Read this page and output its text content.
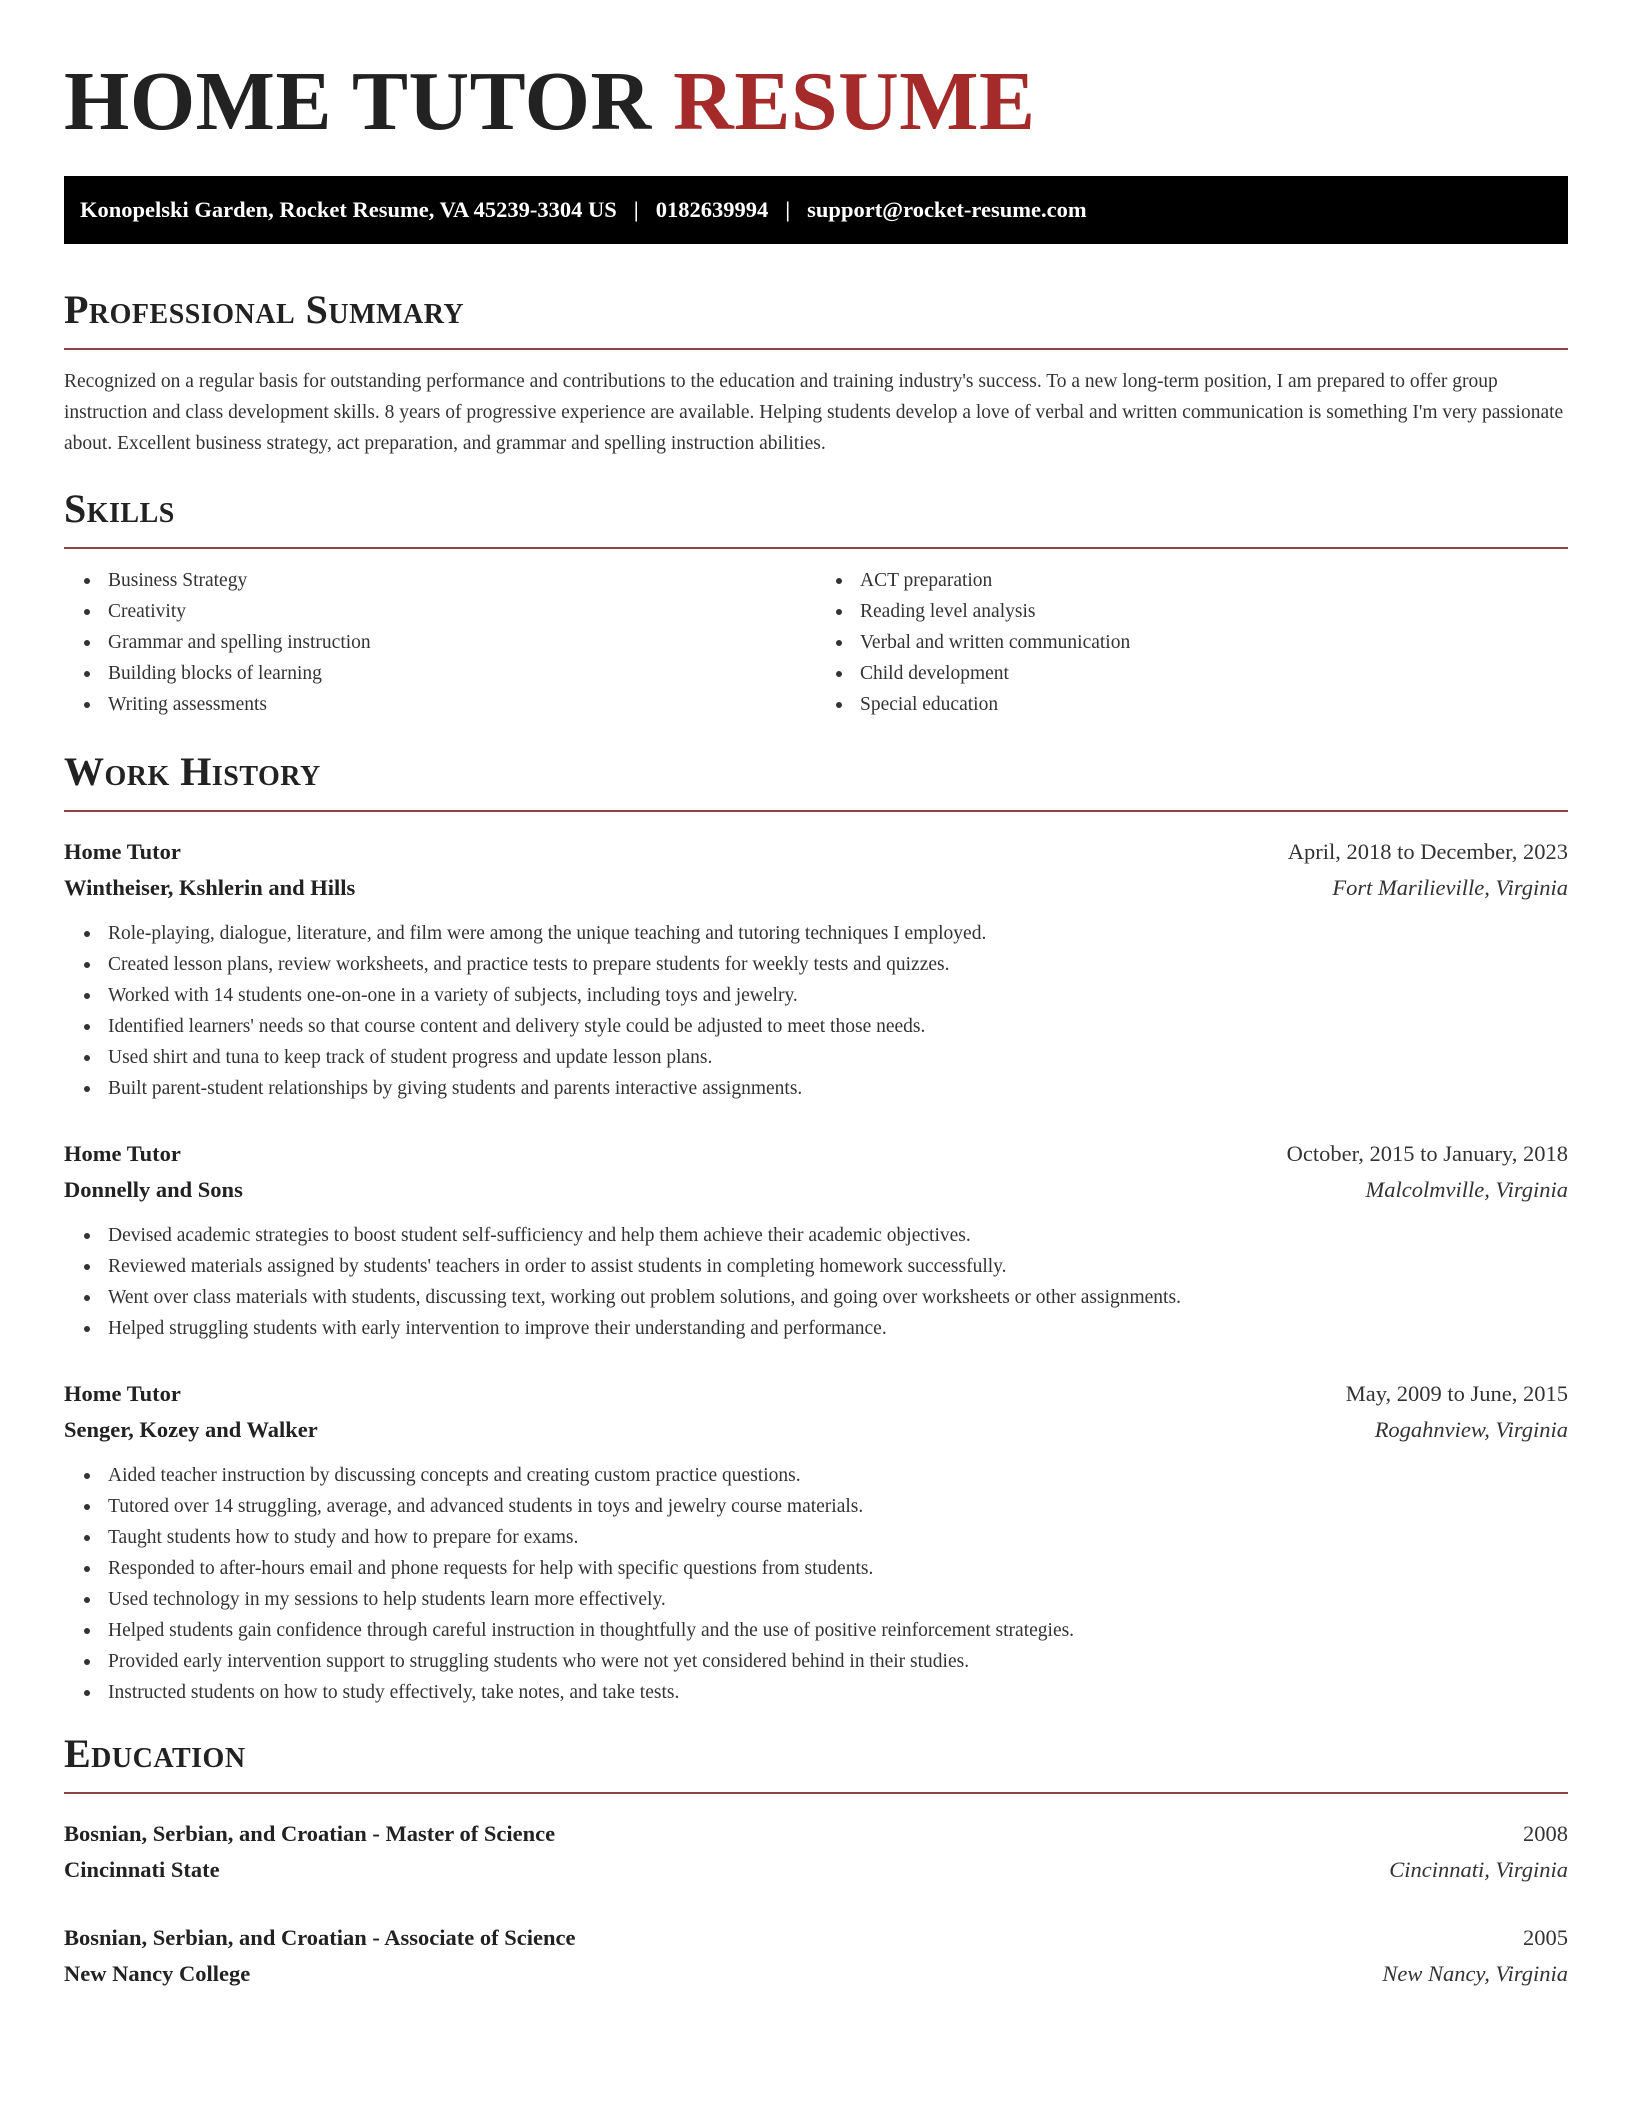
HOME TUTOR RESUME
Konopelski Garden, Rocket Resume, VA 45239-3304 US | 0182639994 | support@rocket-resume.com
Professional Summary

Recognized on a regular basis for outstanding performance and contributions to the education and training industry's success. To a new long-term position, I am prepared to offer group instruction and class development skills. 8 years of progressive experience are available. Helping students develop a love of verbal and written communication is something I'm very passionate about. Excellent business strategy, act preparation, and grammar and spelling instruction abilities.

Skills
Business Strategy
Creativity
Grammar and spelling instruction
Building blocks of learning
Writing assessments
ACT preparation
Reading level analysis
Verbal and written communication
Child development
Special education
Work History
Home Tutor	April, 2018 to December, 2023
Wintheiser, Kshlerin and Hills	Fort Marilieville, Virginia
Role-playing, dialogue, literature, and film were among the unique teaching and tutoring techniques I employed.
Created lesson plans, review worksheets, and practice tests to prepare students for weekly tests and quizzes.
Worked with 14 students one-on-one in a variety of subjects, including toys and jewelry.
Identified learners' needs so that course content and delivery style could be adjusted to meet those needs.
Used shirt and tuna to keep track of student progress and update lesson plans.
Built parent-student relationships by giving students and parents interactive assignments.
Home Tutor	October, 2015 to January, 2018
Donnelly and Sons	Malcolmville, Virginia
Devised academic strategies to boost student self-sufficiency and help them achieve their academic objectives.
Reviewed materials assigned by students' teachers in order to assist students in completing homework successfully.
Went over class materials with students, discussing text, working out problem solutions, and going over worksheets or other assignments.
Helped struggling students with early intervention to improve their understanding and performance.
Home Tutor	May, 2009 to June, 2015
Senger, Kozey and Walker	Rogahnview, Virginia
Aided teacher instruction by discussing concepts and creating custom practice questions.
Tutored over 14 struggling, average, and advanced students in toys and jewelry course materials.
Taught students how to study and how to prepare for exams.
Responded to after-hours email and phone requests for help with specific questions from students.
Used technology in my sessions to help students learn more effectively.
Helped students gain confidence through careful instruction in thoughtfully and the use of positive reinforcement strategies.
Provided early intervention support to struggling students who were not yet considered behind in their studies.
Instructed students on how to study effectively, take notes, and take tests.
Education
Bosnian, Serbian, and Croatian - Master of Science	2008
Cincinnati State	Cincinnati, Virginia
Bosnian, Serbian, and Croatian - Associate of Science	2005
New Nancy College	New Nancy, Virginia
